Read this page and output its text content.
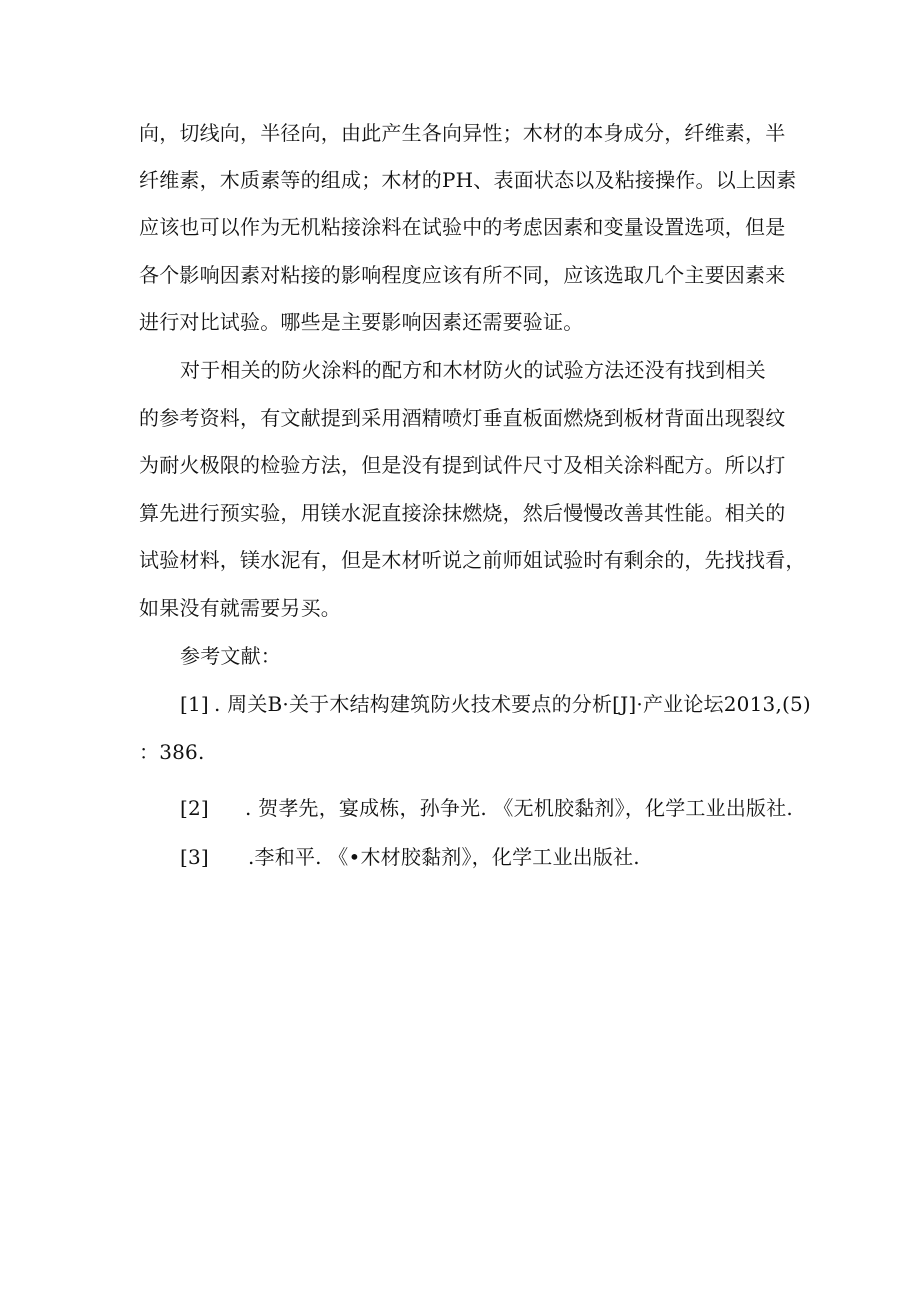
向，切线向，半径向，由此产生各向异性；木材的本身成分，纤维素，半
纤维素，木质素等的组成；木材的PH、表面状态以及粘接操作。以上因素
应该也可以作为无机粘接涂料在试验中的考虑因素和变量设置选项，但是
各个影响因素对粘接的影响程度应该有所不同，应该选取几个主要因素来
进行对比试验。哪些是主要影响因素还需要验证。
对于相关的防火涂料的配方和木材防火的试验方法还没有找到相关
的参考资料，有文献提到采用酒精喷灯垂直板面燃烧到板材背面出现裂纹
为耐火极限的检验方法，但是没有提到试件尺寸及相关涂料配方。所以打
算先进行预实验，用镁水泥直接涂抹燃烧，然后慢慢改善其性能。相关的
试验材料，镁水泥有，但是木材听说之前师姐试验时有剩余的，先找找看，
如果没有就需要另买。
参考文献：
[1] . 周关B·关于木结构建筑防火技术要点的分析[J]·产业论坛2013,(5)
：386.
[2] . 贺孝先，宴成栋，孙争光. 《无机胶黏剂》，化学工业出版社.
[3] .李和平. 《•木材胶黏剂》，化学工业出版社.
